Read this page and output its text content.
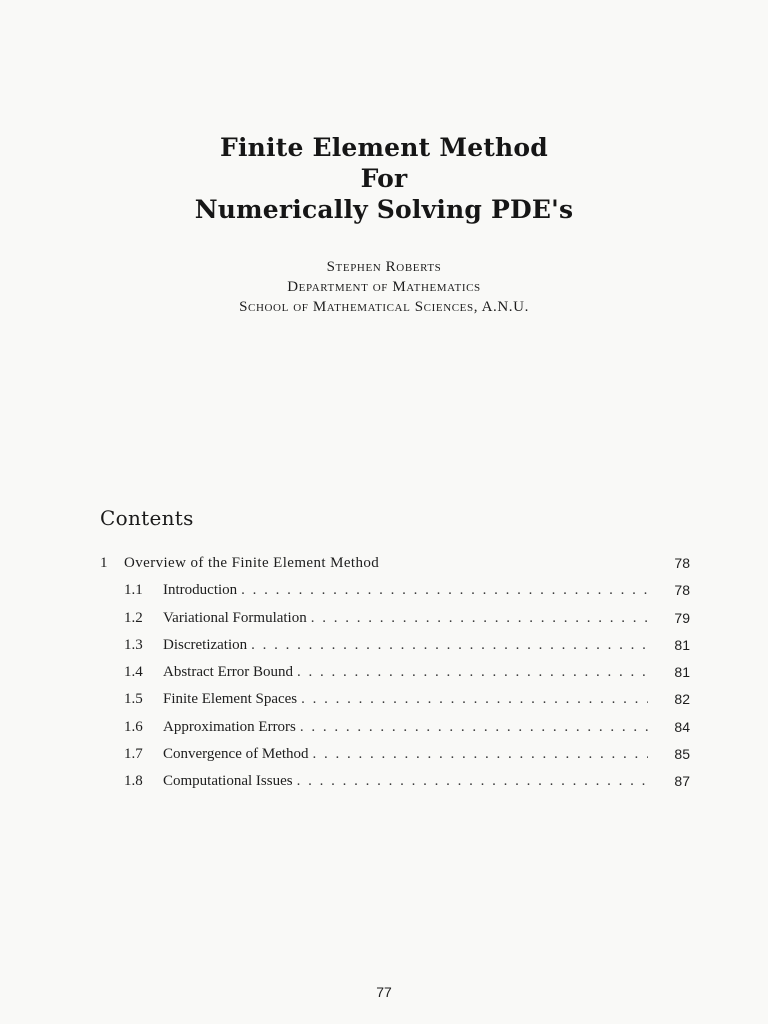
Finite Element Method
For
Numerically Solving PDE's
Stephen Roberts
Department of Mathematics
School of Mathematical Sciences, A.N.U.
Contents
1 Overview of the Finite Element Method	78
1.1 Introduction . . .	78
1.2 Variational Formulation . . .	79
1.3 Discretization . . .	81
1.4 Abstract Error Bound . . .	81
1.5 Finite Element Spaces . . .	82
1.6 Approximation Errors . . .	84
1.7 Convergence of Method . . .	85
1.8 Computational Issues . . .	87
77
